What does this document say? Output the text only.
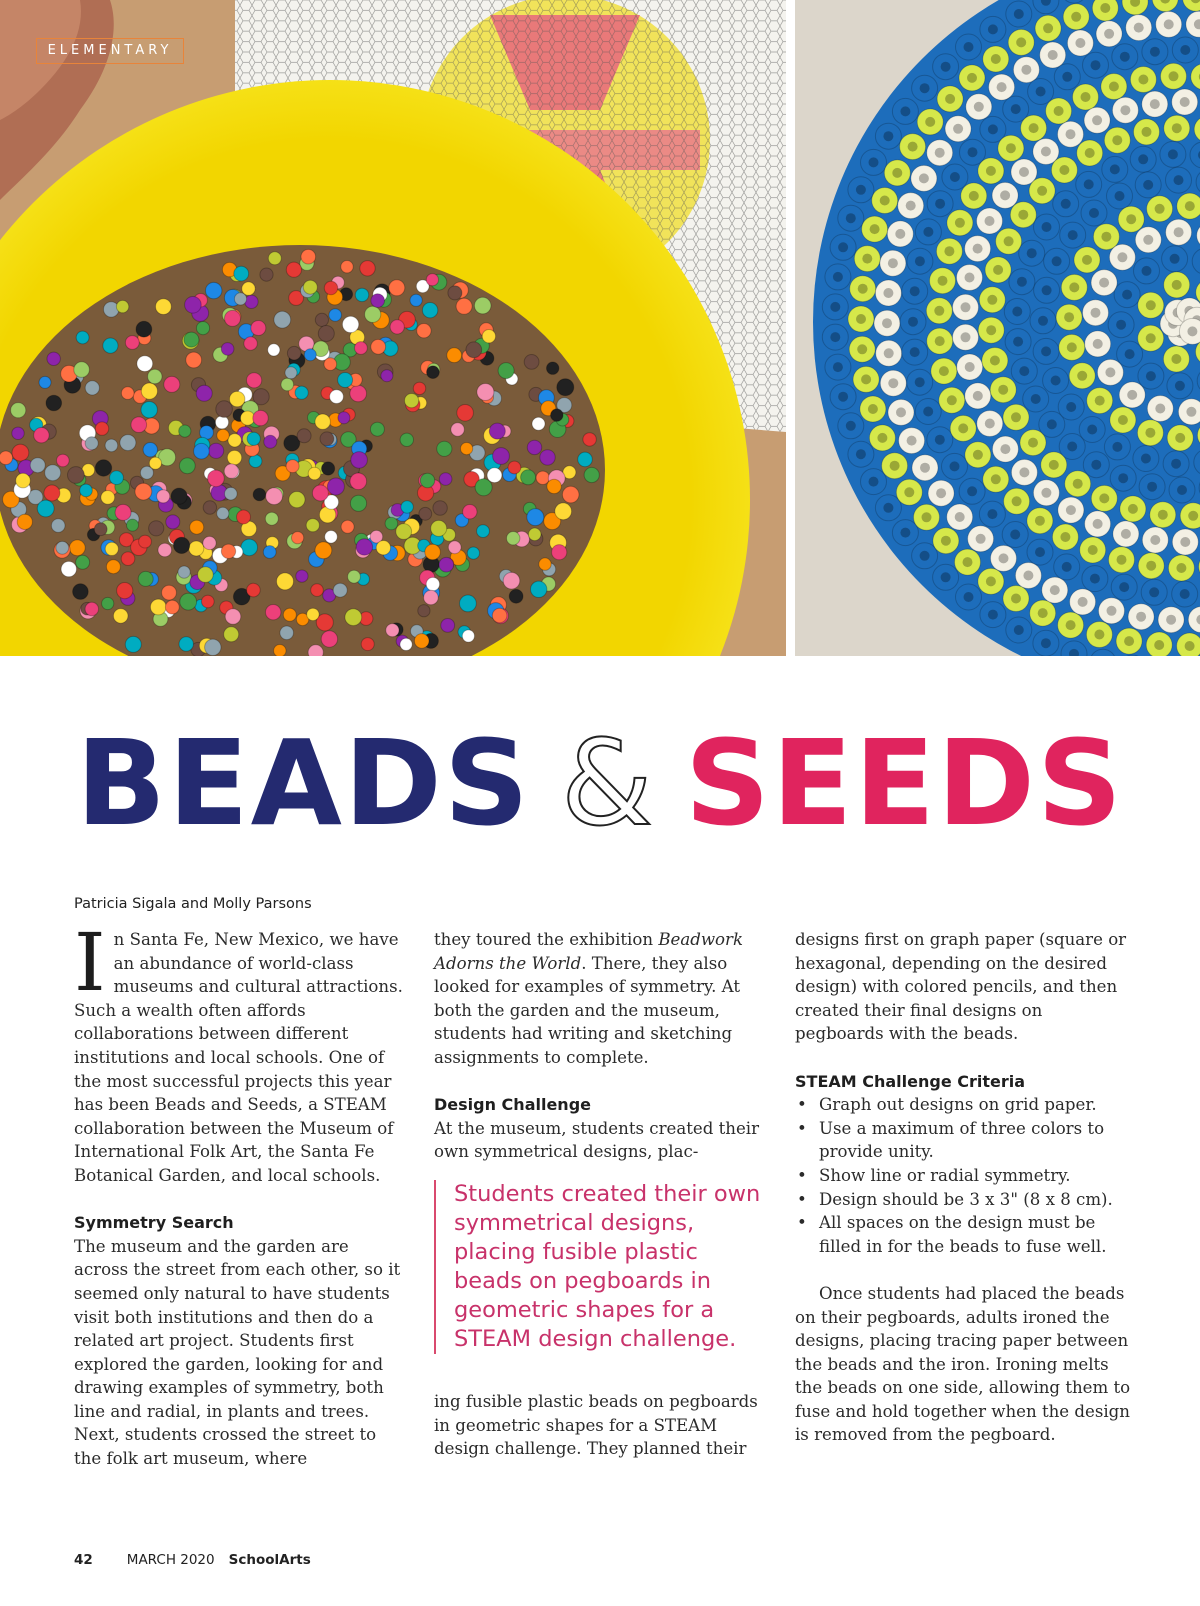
ELEMENTARY
BEADS & SEEDS
Patricia Sigala and Molly Parsons

In Santa Fe, New Mexico, we have an abundance of world-class museums and cultural attractions. Such a wealth often affords collaborations between different institutions and local schools. One of the most successful projects this year has been Beads and Seeds, a STEAM collaboration between the Museum of International Folk Art, the Santa Fe Botanical Garden, and local schools.

Symmetry Search

The museum and the garden are across the street from each other, so it seemed only natural to have students visit both institutions and then do a related art project. Students first explored the garden, looking for and drawing examples of symmetry, both line and radial, in plants and trees. Next, students crossed the street to the folk art museum, where

they toured the exhibition Beadwork Adorns the World. There, they also looked for examples of symmetry. At both the garden and the museum, students had writing and sketching assignments to complete.

Design Challenge

At the museum, students created their own symmetrical designs, plac-

Students created their own symmetrical designs, placing fusible plastic beads on pegboards in geometric shapes for a STEAM design challenge.

ing fusible plastic beads on pegboards in geometric shapes for a STEAM design challenge. They planned their

designs first on graph paper (square or hexagonal, depending on the desired design) with colored pencils, and then created their final designs on pegboards with the beads.

STEAM Challenge Criteria
• Graph out designs on grid paper.
• Use a maximum of three colors to provide unity.
• Show line or radial symmetry.
• Design should be 3 x 3" (8 x 8 cm).
• All spaces on the design must be filled in for the beads to fuse well.

Once students had placed the beads on their pegboards, adults ironed the designs, placing tracing paper between the beads and the iron. Ironing melts the beads on one side, allowing them to fuse and hold together when the design is removed from the pegboard.

42	MARCH 2020 SchoolArts
